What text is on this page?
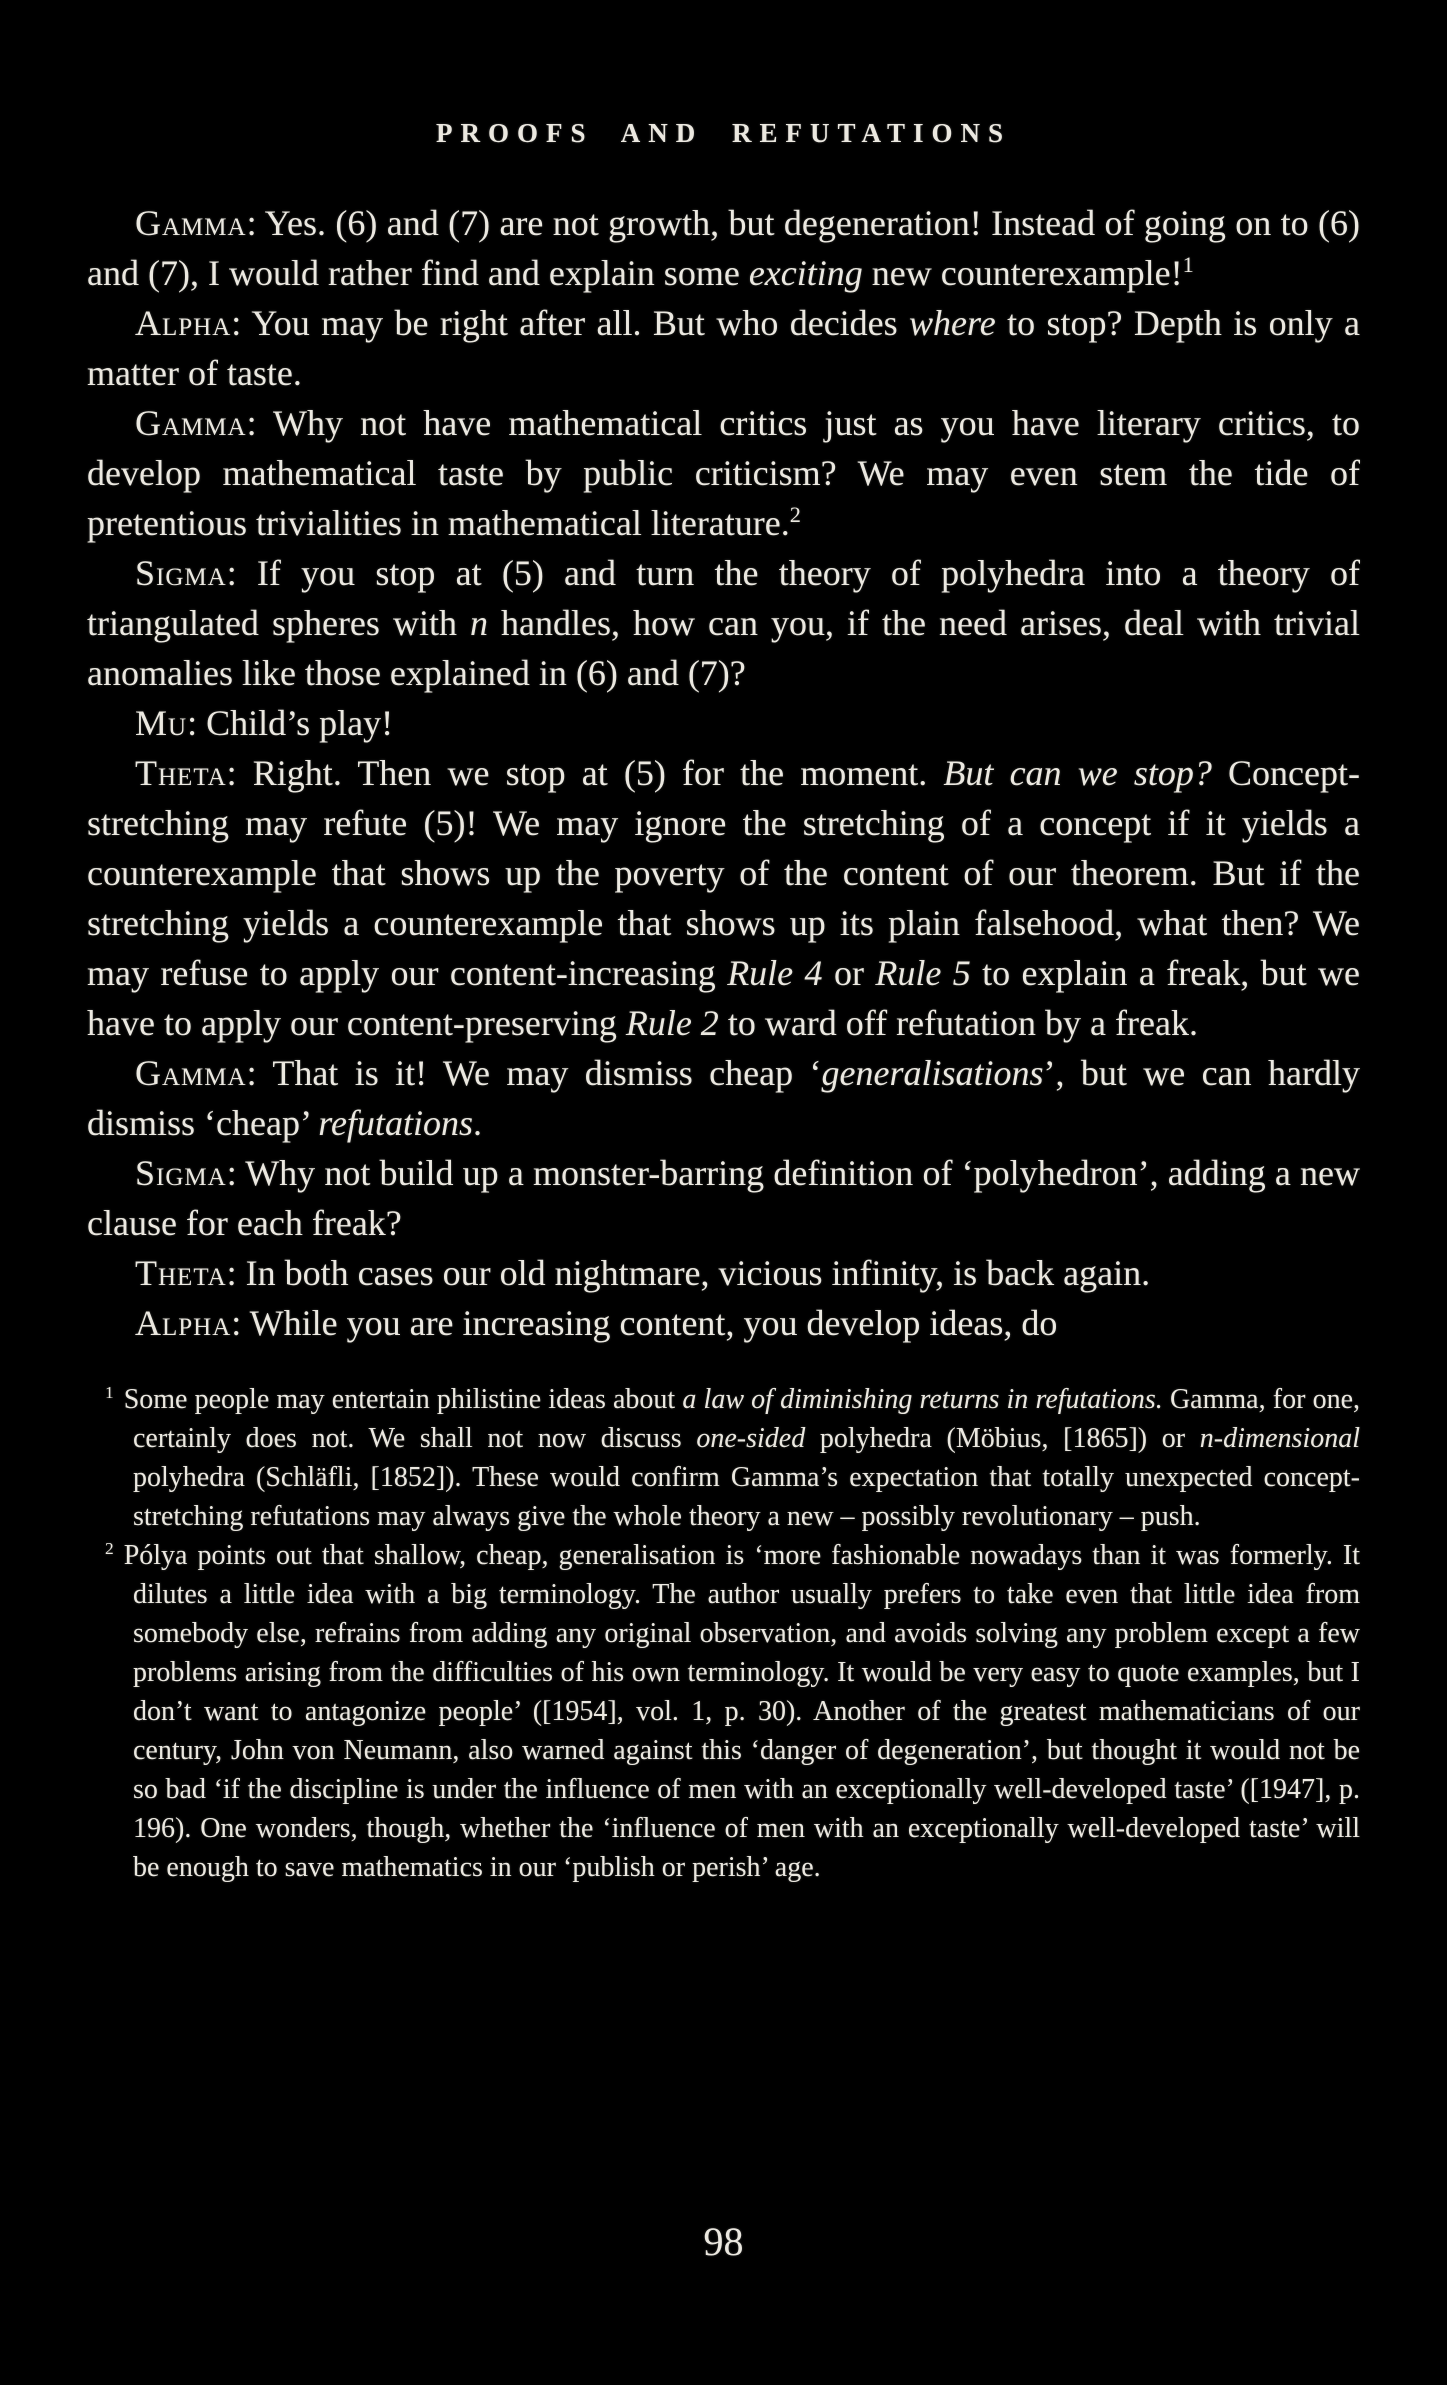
PROOFS AND REFUTATIONS

Gamma: Yes. (6) and (7) are not growth, but degeneration! Instead of going on to (6) and (7), I would rather find and explain some exciting new counterexample!$^1$

Alpha: You may be right after all. But who decides where to stop? Depth is only a matter of taste.

Gamma: Why not have mathematical critics just as you have literary critics, to develop mathematical taste by public criticism? We may even stem the tide of pretentious trivialities in mathematical literature.$^2$

Sigma: If you stop at (5) and turn the theory of polyhedra into a theory of triangulated spheres with n handles, how can you, if the need arises, deal with trivial anomalies like those explained in (6) and (7)?

Mu: Child’s play!

Theta: Right. Then we stop at (5) for the moment. But can we stop? Concept-stretching may refute (5)! We may ignore the stretching of a concept if it yields a counterexample that shows up the poverty of the content of our theorem. But if the stretching yields a counterexample that shows up its plain falsehood, what then? We may refuse to apply our content-increasing Rule 4 or Rule 5 to explain a freak, but we have to apply our content-preserving Rule 2 to ward off refutation by a freak.

Gamma: That is it! We may dismiss cheap ‘generalisations’, but we can hardly dismiss ‘cheap’ refutations.

Sigma: Why not build up a monster-barring definition of ‘polyhedron’, adding a new clause for each freak?

Theta: In both cases our old nightmare, vicious infinity, is back again.

Alpha: While you are increasing content, you develop ideas, do

$^1$ Some people may entertain philistine ideas about a law of diminishing returns in refutations. Gamma, for one, certainly does not. We shall not now discuss one-sided polyhedra (Möbius, [1865]) or n-dimensional polyhedra (Schläfli, [1852]). These would confirm Gamma’s expectation that totally unexpected concept-stretching refutations may always give the whole theory a new – possibly revolutionary – push.

$^2$ Pólya points out that shallow, cheap, generalisation is ‘more fashionable nowadays than it was formerly. It dilutes a little idea with a big terminology. The author usually prefers to take even that little idea from somebody else, refrains from adding any original observation, and avoids solving any problem except a few problems arising from the difficulties of his own terminology. It would be very easy to quote examples, but I don’t want to antagonize people’ ([1954], vol. 1, p. 30). Another of the greatest mathematicians of our century, John von Neumann, also warned against this ‘danger of degeneration’, but thought it would not be so bad ‘if the discipline is under the influence of men with an exceptionally well-developed taste’ ([1947], p. 196). One wonders, though, whether the ‘influence of men with an exceptionally well-developed taste’ will be enough to save mathematics in our ‘publish or perish’ age.

98
